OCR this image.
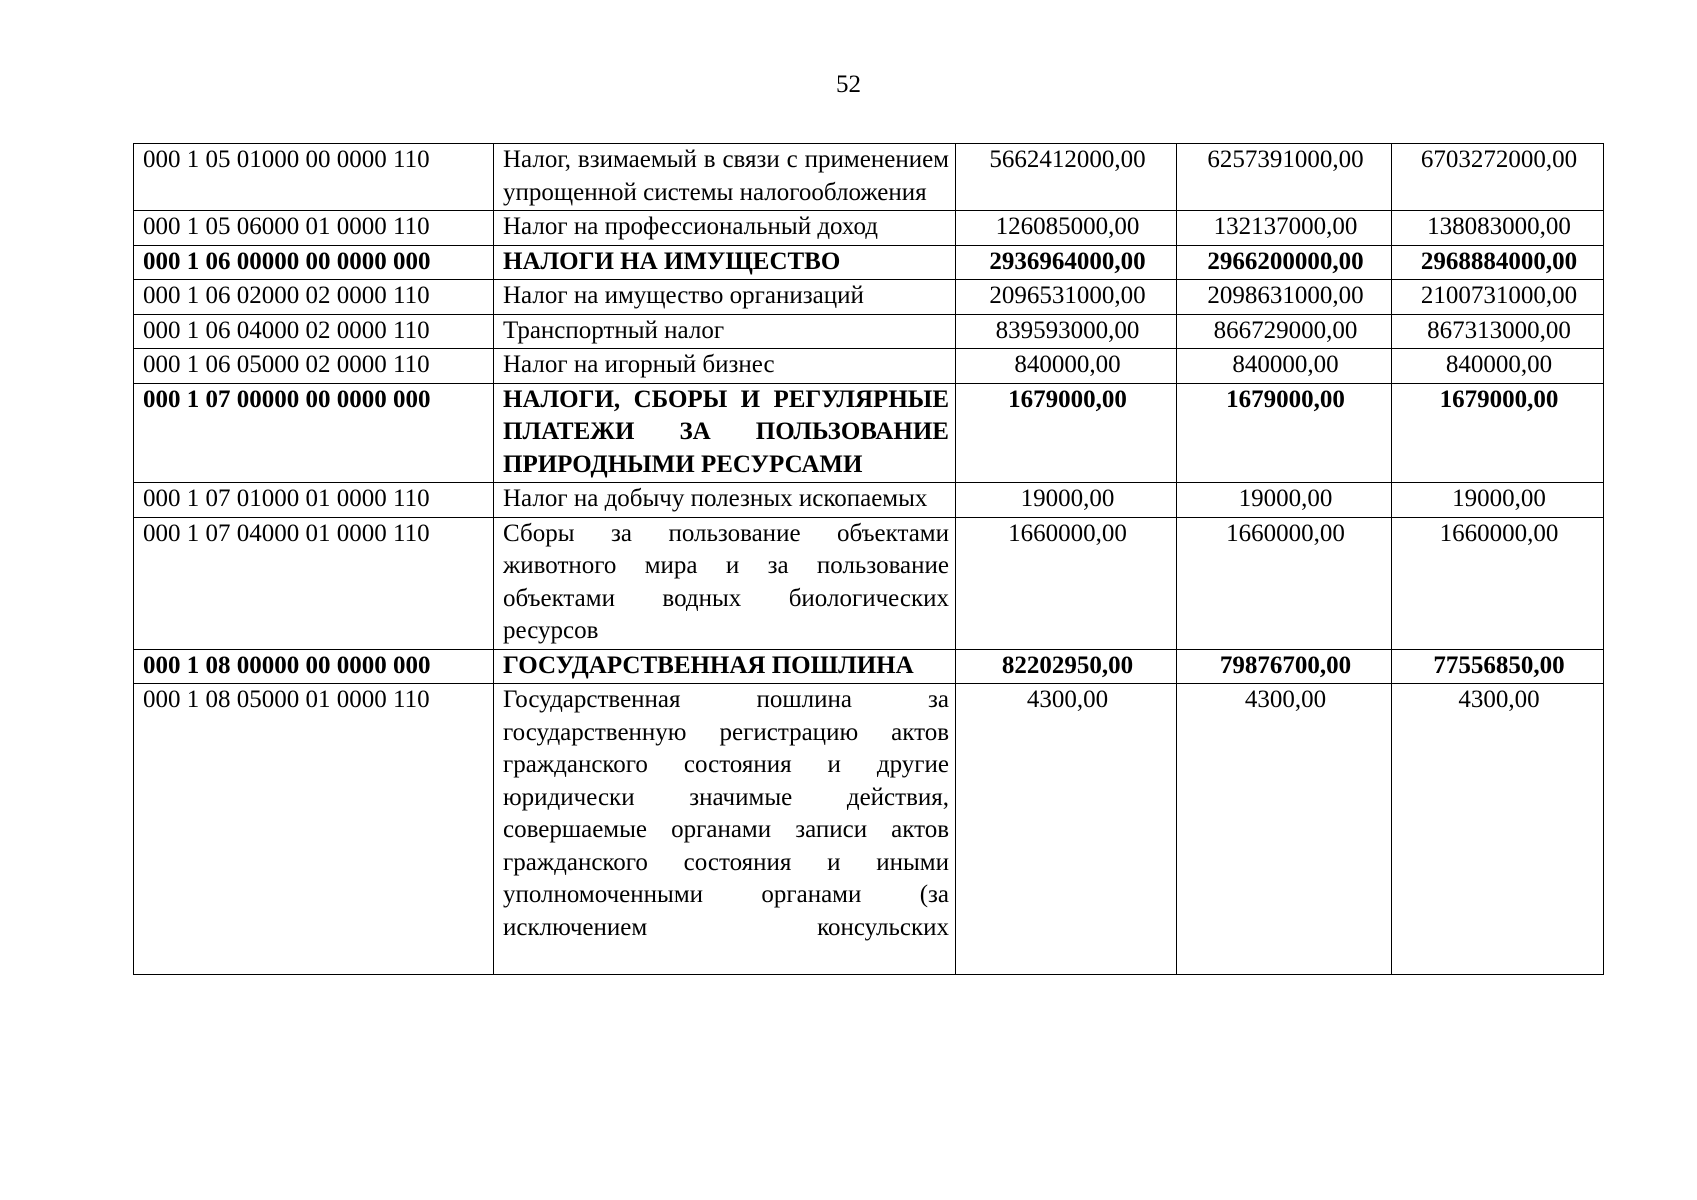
52
000 1 05 01000 00 0000 110	Налог, взимаемый в связи с применением упрощенной системы налогообложения	5662412000,00	6257391000,00	6703272000,00
000 1 05 06000 01 0000 110	Налог на профессиональный доход	126085000,00	132137000,00	138083000,00
000 1 06 00000 00 0000 000	НАЛОГИ НА ИМУЩЕСТВО	2936964000,00	2966200000,00	2968884000,00
000 1 06 02000 02 0000 110	Налог на имущество организаций	2096531000,00	2098631000,00	2100731000,00
000 1 06 04000 02 0000 110	Транспортный налог	839593000,00	866729000,00	867313000,00
000 1 06 05000 02 0000 110	Налог на игорный бизнес	840000,00	840000,00	840000,00
000 1 07 00000 00 0000 000	НАЛОГИ, СБОРЫ И РЕГУЛЯРНЫЕ ПЛАТЕЖИ ЗА ПОЛЬЗОВАНИЕ ПРИРОДНЫМИ РЕСУРСАМИ	1679000,00	1679000,00	1679000,00
000 1 07 01000 01 0000 110	Налог на добычу полезных ископаемых	19000,00	19000,00	19000,00
000 1 07 04000 01 0000 110	Сборы за пользование объектами животного мира и за пользование объектами водных биологических ресурсов	1660000,00	1660000,00	1660000,00
000 1 08 00000 00 0000 000	ГОСУДАРСТВЕННАЯ ПОШЛИНА	82202950,00	79876700,00	77556850,00
000 1 08 05000 01 0000 110	Государственная пошлина за государственную регистрацию актов гражданского состояния и другие юридически значимые действия, совершаемые органами записи актов гражданского состояния и иными уполномоченными органами (за исключением консульских	4300,00	4300,00	4300,00
